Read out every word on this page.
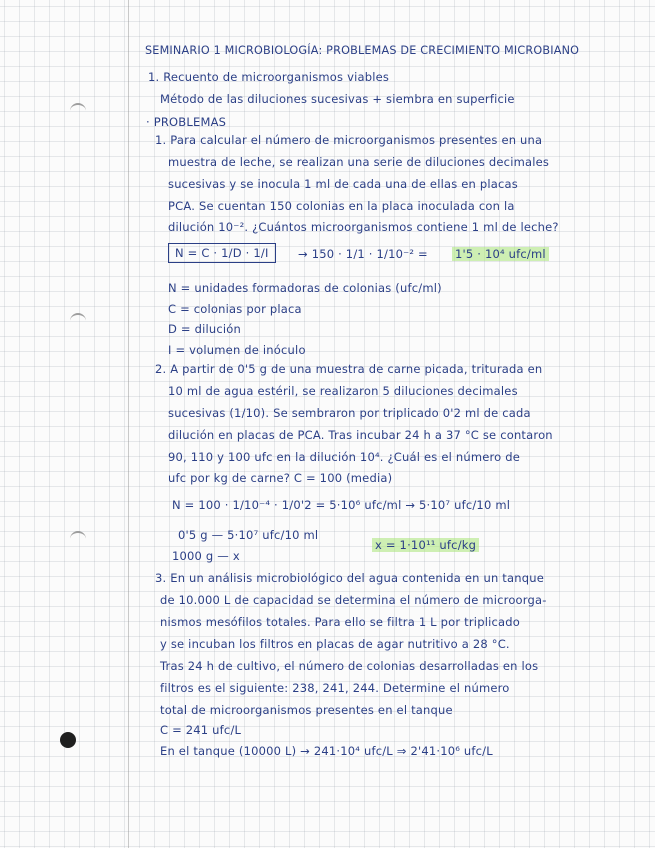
SEMINARIO 1 MICROBIOLOGÍA: PROBLEMAS DE CRECIMIENTO MICROBIANO
1. Recuento de microorganismos viables
Método de las diluciones sucesivas + siembra en superficie
· PROBLEMAS
1. Para calcular el número de microorganismos presentes en una
muestra de leche, se realizan una serie de diluciones decimales
sucesivas y se inocula 1 ml de cada una de ellas en placas
PCA. Se cuentan 150 colonias en la placa inoculada con la
dilución 10⁻². ¿Cuántos microorganismos contiene 1 ml de leche?
N = C · 1/D · 1/I	→ 150 · 1/1 · 1/10⁻² = 1'5 · 10⁴ ufc/ml
N = unidades formadoras de colonias (ufc/ml)
C = colonias por placa
D = dilución
I = volumen de inóculo
2. A partir de 0'5 g de una muestra de carne picada, triturada en
10 ml de agua estéril, se realizaron 5 diluciones decimales
sucesivas (1/10). Se sembraron por triplicado 0'2 ml de cada
dilución en placas de PCA. Tras incubar 24 h a 37 °C se contaron
90, 110 y 100 ufc en la dilución 10⁴. ¿Cuál es el número de
ufc por kg de carne? C = 100 (media)
N = 100 · 1/10⁻⁴ · 1/0'2 = 5·10⁶ ufc/ml → 5·10⁷ ufc/10 ml
0'5 g — 5·10⁷ ufc/10 ml
1000 g — x
x = 1·10¹¹ ufc/kg
3. En un análisis microbiológico del agua contenida en un tanque
de 10.000 L de capacidad se determina el número de microorga-
nismos mesófilos totales. Para ello se filtra 1 L por triplicado
y se incuban los filtros en placas de agar nutritivo a 28 °C.
Tras 24 h de cultivo, el número de colonias desarrolladas en los
filtros es el siguiente: 238, 241, 244. Determine el número
total de microorganismos presentes en el tanque
C = 241 ufc/L
En el tanque (10000 L) → 241·10⁴ ufc/L ⇒ 2'41·10⁶ ufc/L
